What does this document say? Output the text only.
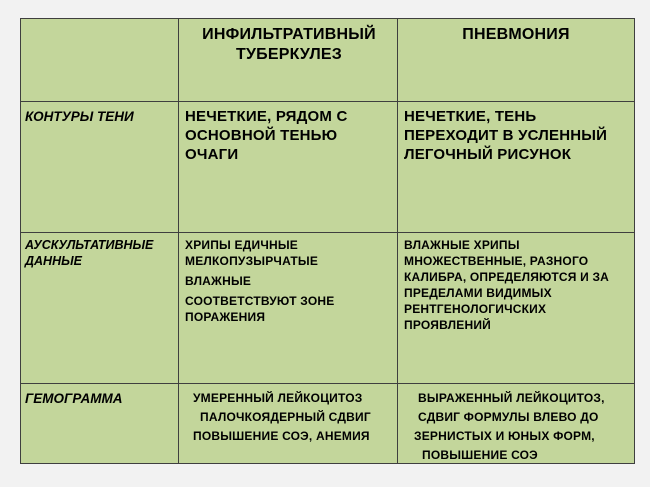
ИНФИЛЬТРАТИВНЫЙ ТУБЕРКУЛЕЗ
ПНЕВМОНИЯ
КОНТУРЫ ТЕНИ	НЕЧЕТКИЕ, РЯДОМ С ОСНОВНОЙ ТЕНЬЮ ОЧАГИ
НЕЧЕТКИЕ, ТЕНЬ ПЕРЕХОДИТ В УСЛЕННЫЙ ЛЕГОЧНЫЙ РИСУНОК
АУСКУЛЬТАТИВНЫЕ ДАННЫЕ
ХРИПЫ ЕДИЧНЫЕ МЕЛКОПУЗЫРЧАТЫЕ
ВЛАЖНЫЕ
СООТВЕТСТВУЮТ ЗОНЕ ПОРАЖЕНИЯ
ВЛАЖНЫЕ ХРИПЫ МНОЖЕСТВЕННЫЕ, РАЗНОГО КАЛИБРА, ОПРЕДЕЛЯЮТСЯ И ЗА ПРЕДЕЛАМИ ВИДИМЫХ РЕНТГЕНОЛОГИЧСКИХ ПРОЯВЛЕНИЙ
ГЕМОГРАММА	УМЕРЕННЫЙ ЛЕЙКОЦИТОЗ
ПАЛОЧКОЯДЕРНЫЙ СДВИГ
ПОВЫШЕНИЕ СОЭ, АНЕМИЯ
ВЫРАЖЕННЫЙ ЛЕЙКОЦИТОЗ,
СДВИГ ФОРМУЛЫ ВЛЕВО ДО
ЗЕРНИСТЫХ И ЮНЫХ ФОРМ,
ПОВЫШЕНИЕ СОЭ
